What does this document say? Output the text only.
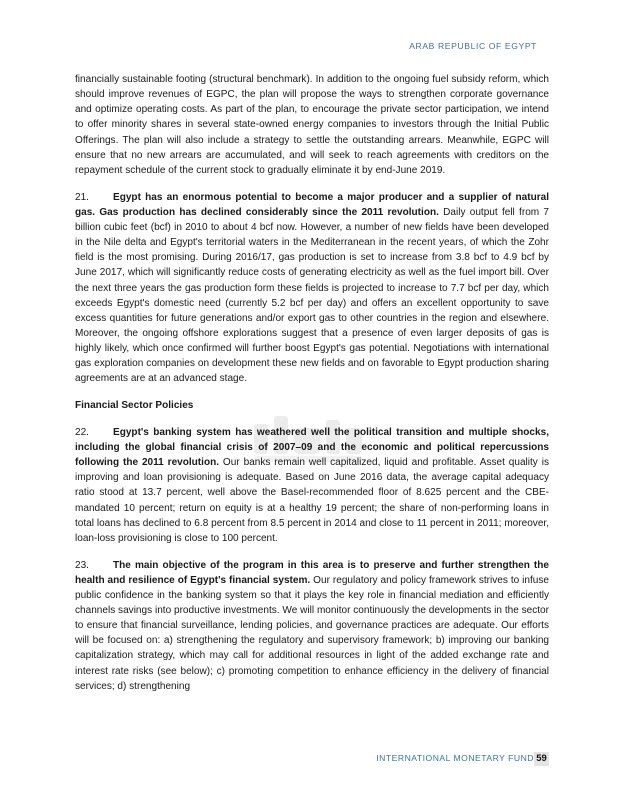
ARAB REPUBLIC OF EGYPT

financially sustainable footing (structural benchmark). In addition to the ongoing fuel subsidy reform, which should improve revenues of EGPC, the plan will propose the ways to strengthen corporate governance and optimize operating costs. As part of the plan, to encourage the private sector participation, we intend to offer minority shares in several state-owned energy companies to investors through the Initial Public Offerings. The plan will also include a strategy to settle the outstanding arrears. Meanwhile, EGPC will ensure that no new arrears are accumulated, and will seek to reach agreements with creditors on the repayment schedule of the current stock to gradually eliminate it by end-June 2019.

21. Egypt has an enormous potential to become a major producer and a supplier of natural gas. Gas production has declined considerably since the 2011 revolution. Daily output fell from 7 billion cubic feet (bcf) in 2010 to about 4 bcf now. However, a number of new fields have been developed in the Nile delta and Egypt's territorial waters in the Mediterranean in the recent years, of which the Zohr field is the most promising. During 2016/17, gas production is set to increase from 3.8 bcf to 4.9 bcf by June 2017, which will significantly reduce costs of generating electricity as well as the fuel import bill. Over the next three years the gas production form these fields is projected to increase to 7.7 bcf per day, which exceeds Egypt's domestic need (currently 5.2 bcf per day) and offers an excellent opportunity to save excess quantities for future generations and/or export gas to other countries in the region and elsewhere. Moreover, the ongoing offshore explorations suggest that a presence of even larger deposits of gas is highly likely, which once confirmed will further boost Egypt's gas potential. Negotiations with international gas exploration companies on development these new fields and on favorable to Egypt production sharing agreements are at an advanced stage.

Financial Sector Policies

22. Egypt's banking system has weathered well the political transition and multiple shocks, including the global financial crisis of 2007–09 and the economic and political repercussions following the 2011 revolution. Our banks remain well capitalized, liquid and profitable. Asset quality is improving and loan provisioning is adequate. Based on June 2016 data, the average capital adequacy ratio stood at 13.7 percent, well above the Basel-recommended floor of 8.625 percent and the CBE-mandated 10 percent; return on equity is at a healthy 19 percent; the share of non-performing loans in total loans has declined to 6.8 percent from 8.5 percent in 2014 and close to 11 percent in 2011; moreover, loan-loss provisioning is close to 100 percent.

23. The main objective of the program in this area is to preserve and further strengthen the health and resilience of Egypt's financial system. Our regulatory and policy framework strives to infuse public confidence in the banking system so that it plays the key role in financial mediation and efficiently channels savings into productive investments. We will monitor continuously the developments in the sector to ensure that financial surveillance, lending policies, and governance practices are adequate. Our efforts will be focused on: a) strengthening the regulatory and supervisory framework; b) improving our banking capitalization strategy, which may call for additional resources in light of the added exchange rate and interest rate risks (see below); c) promoting competition to enhance efficiency in the delivery of financial services; d) strengthening

INTERNATIONAL MONETARY FUND 59
